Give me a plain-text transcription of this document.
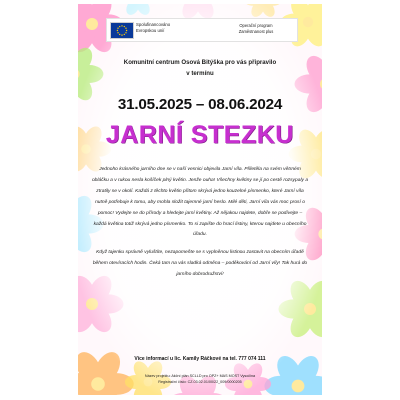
Spolufinancováno
Evropskou unií
Operační program
Zaměstnanost plus
Komunitní centrum Osová Bitýška pro vás připravilo
v termínu
31.05.2025 – 08.06.2024
JARNÍ STEZKU

Jednoho krásného jarního dne se v naší vesnici objevila Jarní víla. Přiletěla na svém větrném obláčku a v rukou nesla košíček plný květin. Jenže ouha! Všechny květiny se jí po cestě rozsypaly a ztratily se v okolí. Každá z těchto květin přitom skrývá jedno kouzelné písmenko, které Jarní víla nutně potřebuje k tomu, aby mohla složit tajemné jarní heslo. Milé děti, Jarní víla vás moc prosí o pomoc! Vydejte se do přírody a hledejte jarní květiny. Až nějakou najdete, dobře se podívejte – každá květina totiž skrývá jedno písmenko. To si zapište do hrací listiny, kterou najdete u obecního úřadu.

Když tajenku správně vyluštíte, nezapomeňte se s vyplněnou listinou zastavit na obecním úřadě během otevíracích hodin. Čeká tam na vás sladká odměna – poděkování od Jarní víly! Tak hurá do jarního dobrodružství!

Více informací u lic. Kamily Ráčkové na tel. 777 074 111
Název projektu: Akční plán SCLLD pro OPZ+ MAS MOST Vysočina
Registrační číslo: CZ.03.02.01/00/22_009/0000205
